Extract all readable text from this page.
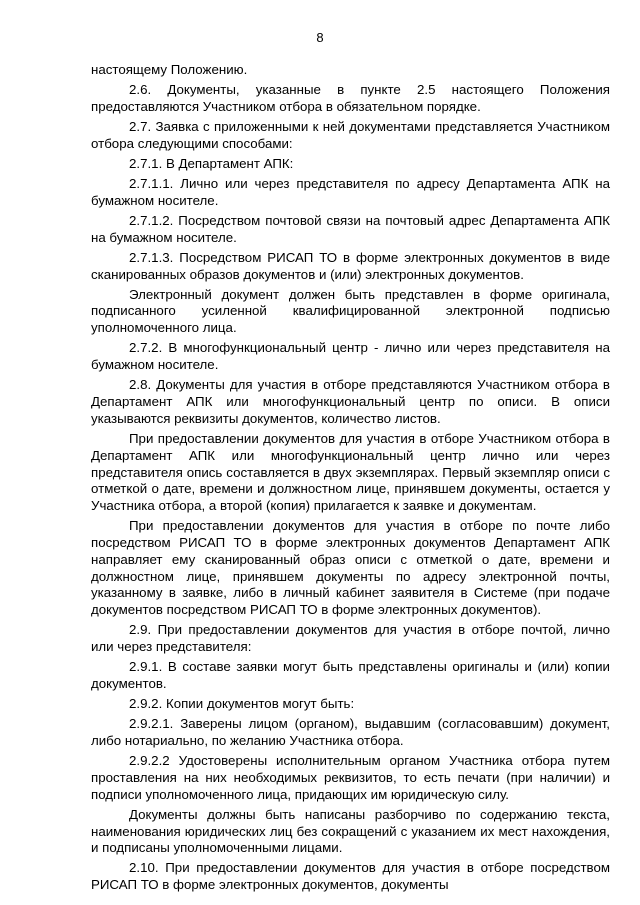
8

настоящему Положению.

2.6. Документы, указанные в пункте 2.5 настоящего Положения предоставляются Участником отбора в обязательном порядке.

2.7. Заявка с приложенными к ней документами представляется Участником отбора следующими способами:

2.7.1. В Департамент АПК:

2.7.1.1. Лично или через представителя по адресу Департамента АПК на бумажном носителе.

2.7.1.2. Посредством почтовой связи на почтовый адрес Департамента АПК на бумажном носителе.

2.7.1.3. Посредством РИСАП ТО в форме электронных документов в виде сканированных образов документов и (или) электронных документов.

Электронный документ должен быть представлен в форме оригинала, подписанного усиленной квалифицированной электронной подписью уполномоченного лица.

2.7.2. В многофункциональный центр - лично или через представителя на бумажном носителе.

2.8. Документы для участия в отборе представляются Участником отбора в Департамент АПК или многофункциональный центр по описи. В описи указываются реквизиты документов, количество листов.

При предоставлении документов для участия в отборе Участником отбора в Департамент АПК или многофункциональный центр лично или через представителя опись составляется в двух экземплярах. Первый экземпляр описи с отметкой о дате, времени и должностном лице, принявшем документы, остается у Участника отбора, а второй (копия) прилагается к заявке и документам.

При предоставлении документов для участия в отборе по почте либо посредством РИСАП ТО в форме электронных документов Департамент АПК направляет ему сканированный образ описи с отметкой о дате, времени и должностном лице, принявшем документы по адресу электронной почты, указанному в заявке, либо в личный кабинет заявителя в Системе (при подаче документов посредством РИСАП ТО в форме электронных документов).

2.9. При предоставлении документов для участия в отборе почтой, лично или через представителя:

2.9.1. В составе заявки могут быть представлены оригиналы и (или) копии документов.

2.9.2. Копии документов могут быть:

2.9.2.1. Заверены лицом (органом), выдавшим (согласовавшим) документ, либо нотариально, по желанию Участника отбора.

2.9.2.2 Удостоверены исполнительным органом Участника отбора путем проставления на них необходимых реквизитов, то есть печати (при наличии) и подписи уполномоченного лица, придающих им юридическую силу.

Документы должны быть написаны разборчиво по содержанию текста, наименования юридических лиц без сокращений с указанием их мест нахождения, и подписаны уполномоченными лицами.

2.10. При предоставлении документов для участия в отборе посредством РИСАП ТО в форме электронных документов, документы
